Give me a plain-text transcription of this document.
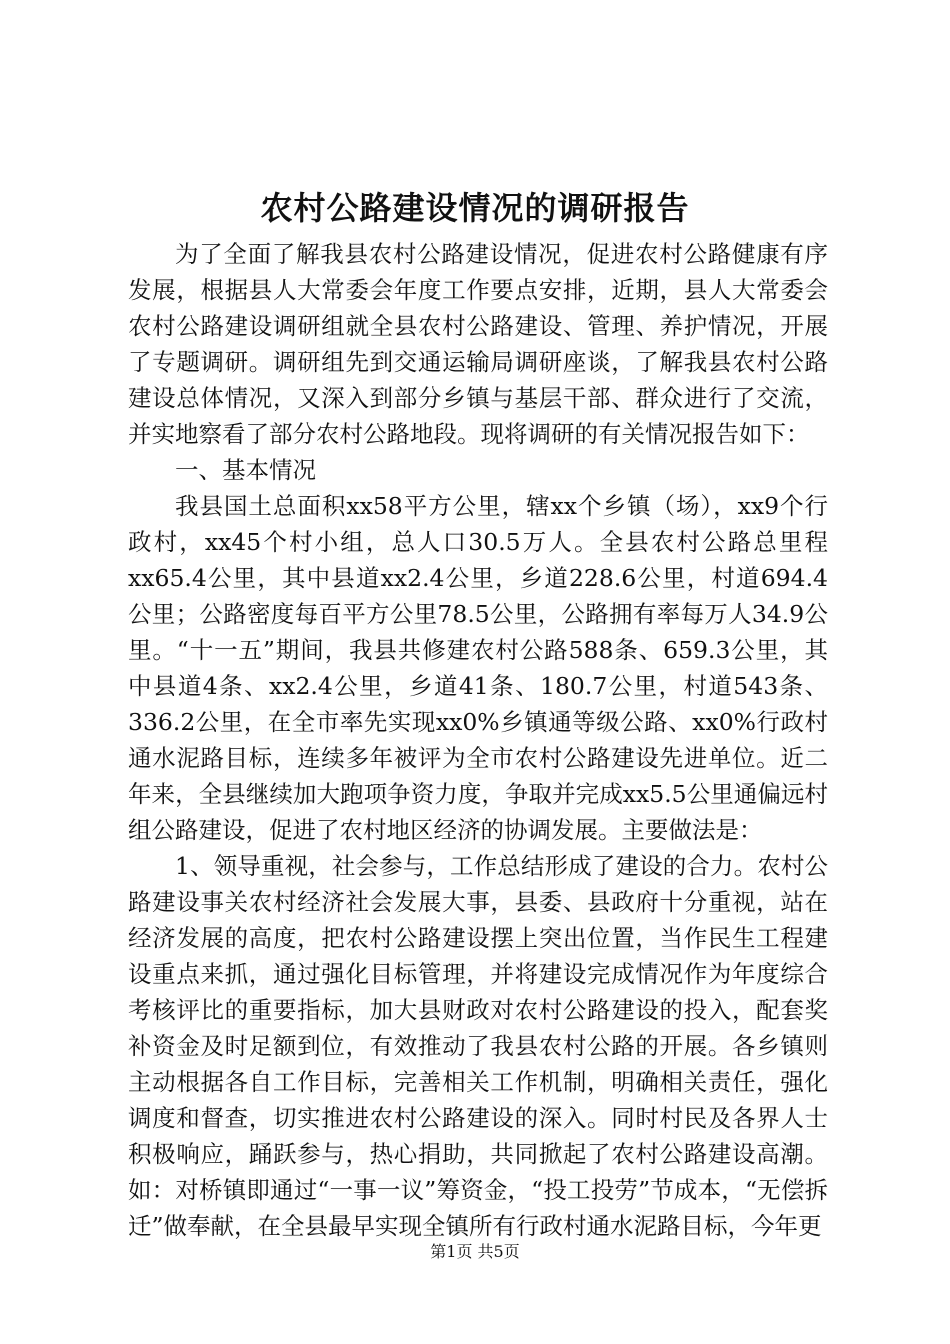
农村公路建设情况的调研报告

为了全面了解我县农村公路建设情况，促进农村公路健康有序发展，根据县人大常委会年度工作要点安排，近期，县人大常委会农村公路建设调研组就全县农村公路建设、管理、养护情况，开展了专题调研。调研组先到交通运输局调研座谈，了解我县农村公路建设总体情况，又深入到部分乡镇与基层干部、群众进行了交流，并实地察看了部分农村公路地段。现将调研的有关情况报告如下：

一、基本情况

我县国土总面积xx58平方公里，辖xx个乡镇（场），xx9个行政村，xx45个村小组，总人口30.5万人。全县农村公路总里程xx65.4公里，其中县道xx2.4公里，乡道228.6公里，村道694.4公里；公路密度每百平方公里78.5公里，公路拥有率每万人34.9公里。“十一五”期间，我县共修建农村公路588条、659.3公里，其中县道4条、xx2.4公里，乡道41条、180.7公里，村道543条、336.2公里，在全市率先实现xx0%乡镇通等级公路、xx0%行政村通水泥路目标，连续多年被评为全市农村公路建设先进单位。近二年来，全县继续加大跑项争资力度，争取并完成xx5.5公里通偏远村组公路建设，促进了农村地区经济的协调发展。主要做法是：

1、领导重视，社会参与，工作总结形成了建设的合力。农村公路建设事关农村经济社会发展大事，县委、县政府十分重视，站在经济发展的高度，把农村公路建设摆上突出位置，当作民生工程建设重点来抓，通过强化目标管理，并将建设完成情况作为年度综合考核评比的重要指标，加大县财政对农村公路建设的投入，配套奖补资金及时足额到位，有效推动了我县农村公路的开展。各乡镇则主动根据各自工作目标，完善相关工作机制，明确相关责任，强化调度和督查，切实推进农村公路建设的深入。同时村民及各界人士积极响应，踊跃参与，热心捐助，共同掀起了农村公路建设高潮。如：对桥镇即通过“一事一议”筹资金，“投工投劳”节成本，“无偿拆迁”做奉献，在全县最早实现全镇所有行政村通水泥路目标，今年更

第1页 共5页
